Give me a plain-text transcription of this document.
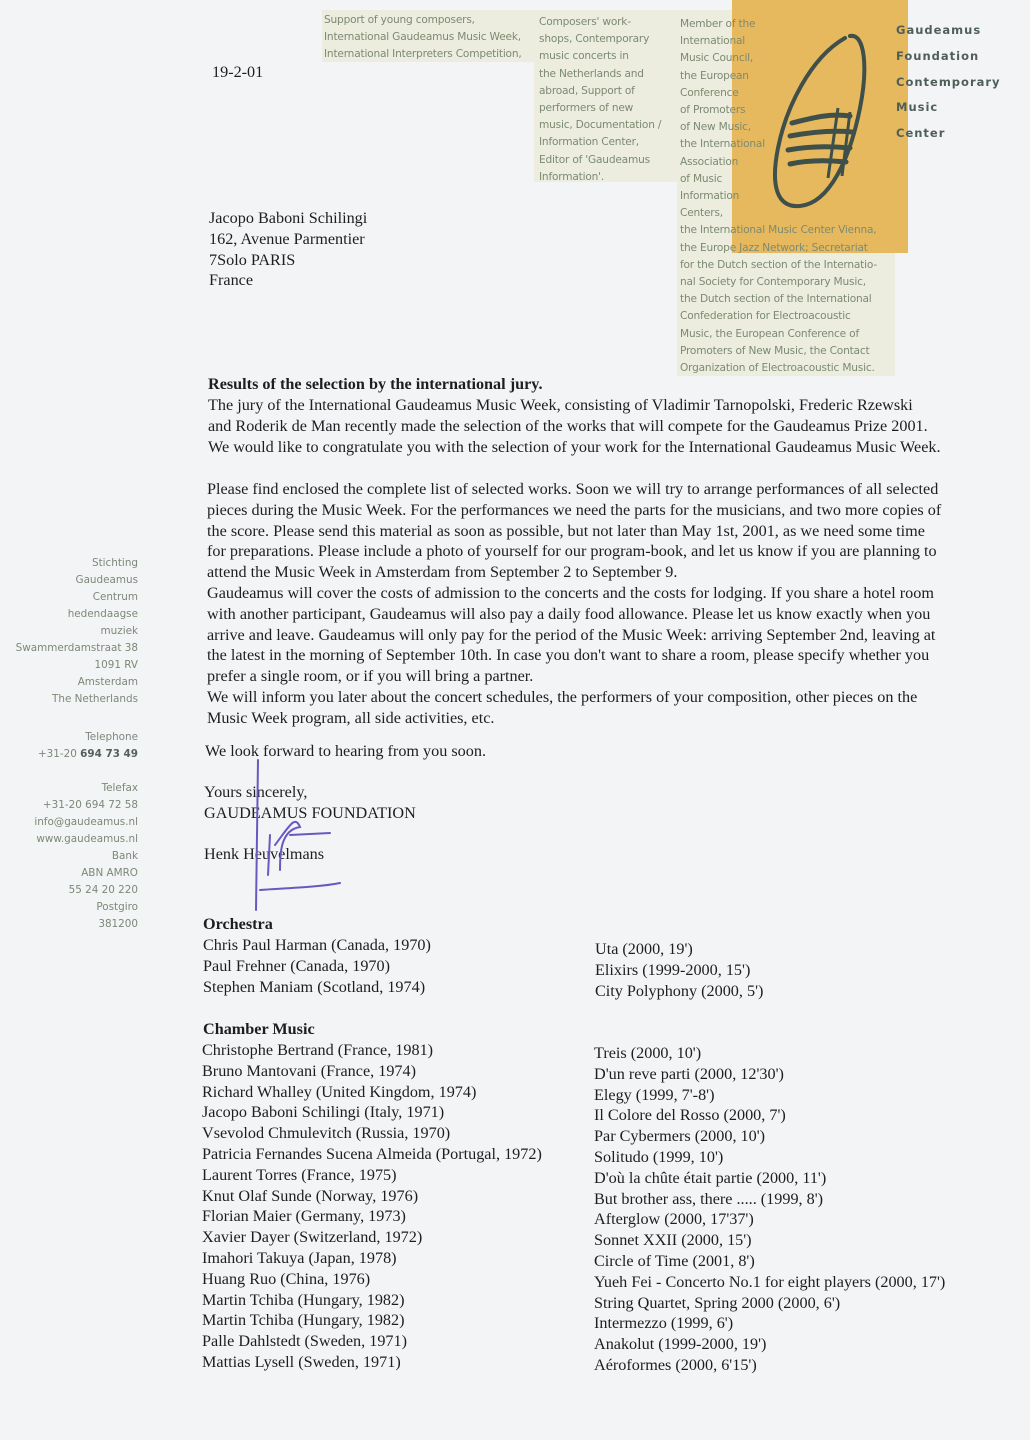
Support of young composers,
International Gaudeamus Music Week,
International Interpreters Competition,
Composers' work-
shops, Contemporary
music concerts in
the Netherlands and
abroad, Support of
performers of new
music, Documentation /
Information Center,
Editor of 'Gaudeamus
Information'.
Member of the
International
Music Council,
the European
Conference
of Promoters
of New Music,
the International
Association
of Music
Information
Centers,
the International Music Center Vienna,
the Europe Jazz Network; Secretariat
for the Dutch section of the Internatio-
nal Society for Contemporary Music,
the Dutch section of the International
Confederation for Electroacoustic
Music, the European Conference of
Promoters of New Music, the Contact
Organization of Electroacoustic Music.
Gaudeamus
Foundation
Contemporary
Music
Center
Stichting
Gaudeamus
Centrum
hedendaagse
muziek
Swammerdamstraat 38
1091 RV
Amsterdam
The Netherlands
Telephone
+31-20 694 73 49
Telefax
+31-20 694 72 58
info@gaudeamus.nl
www.gaudeamus.nl
Bank
ABN AMRO
55 24 20 220
Postgiro
381200
19-2-01
Jacopo Baboni Schilingi
162, Avenue Parmentier
7Solo PARIS
France
Results of the selection by the international jury.
The jury of the International Gaudeamus Music Week, consisting of Vladimir Tarnopolski, Frederic Rzewski
and Roderik de Man recently made the selection of the works that will compete for the Gaudeamus Prize 2001.
We would like to congratulate you with the selection of your work for the International Gaudeamus Music Week.
Please find enclosed the complete list of selected works. Soon we will try to arrange performances of all selected
pieces during the Music Week. For the performances we need the parts for the musicians, and two more copies of
the score. Please send this material as soon as possible, but not later than May 1st, 2001, as we need some time
for preparations. Please include a photo of yourself for our program-book, and let us know if you are planning to
attend the Music Week in Amsterdam from September 2 to September 9.
Gaudeamus will cover the costs of admission to the concerts and the costs for lodging. If you share a hotel room
with another participant, Gaudeamus will also pay a daily food allowance. Please let us know exactly when you
arrive and leave. Gaudeamus will only pay for the period of the Music Week: arriving September 2nd, leaving at
the latest in the morning of September 10th. In case you don't want to share a room, please specify whether you
prefer a single room, or if you will bring a partner.
We will inform you later about the concert schedules, the performers of your composition, other pieces on the
Music Week program, all side activities, etc.
We look forward to hearing from you soon.
Yours sincerely,
GAUDEAMUS FOUNDATION
Henk Heuvelmans
Orchestra
Chris Paul Harman (Canada, 1970)
Paul Frehner (Canada, 1970)
Stephen Maniam (Scotland, 1974)
Uta (2000, 19')
Elixirs (1999-2000, 15')
City Polyphony (2000, 5')
Chamber Music
Christophe Bertrand (France, 1981)
Bruno Mantovani (France, 1974)
Richard Whalley (United Kingdom, 1974)
Jacopo Baboni Schilingi (Italy, 1971)
Vsevolod Chmulevitch (Russia, 1970)
Patricia Fernandes Sucena Almeida (Portugal, 1972)
Laurent Torres (France, 1975)
Knut Olaf Sunde (Norway, 1976)
Florian Maier (Germany, 1973)
Xavier Dayer (Switzerland, 1972)
Imahori Takuya (Japan, 1978)
Huang Ruo (China, 1976)
Martin Tchiba (Hungary, 1982)
Martin Tchiba (Hungary, 1982)
Palle Dahlstedt (Sweden, 1971)
Mattias Lysell (Sweden, 1971)
Treis (2000, 10')
D'un reve parti (2000, 12'30')
Elegy (1999, 7'-8')
Il Colore del Rosso (2000, 7')
Par Cybermers (2000, 10')
Solitudo (1999, 10')
D'où la chûte était partie (2000, 11')
But brother ass, there ..... (1999, 8')
Afterglow (2000, 17'37')
Sonnet XXII (2000, 15')
Circle of Time (2001, 8')
Yueh Fei - Concerto No.1 for eight players (2000, 17')
String Quartet, Spring 2000 (2000, 6')
Intermezzo (1999, 6')
Anakolut (1999-2000, 19')
Aéroformes (2000, 6'15')
